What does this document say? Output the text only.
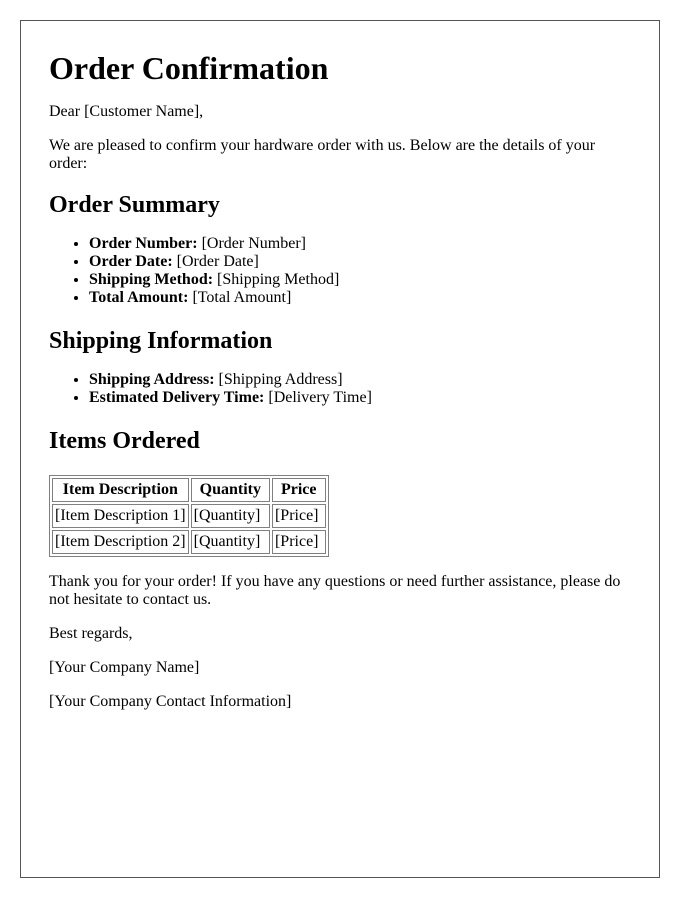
Order Confirmation

Dear [Customer Name],

We are pleased to confirm your hardware order with us. Below are the details of your order:

Order Summary
• Order Number: [Order Number]
• Order Date: [Order Date]
• Shipping Method: [Shipping Method]
• Total Amount: [Total Amount]
Shipping Information
• Shipping Address: [Shipping Address]
• Estimated Delivery Time: [Delivery Time]
Items Ordered
Item Description	Quantity	Price
[Item Description 1]	[Quantity]	[Price]
[Item Description 2]	[Quantity]	[Price]

Thank you for your order! If you have any questions or need further assistance, please do not hesitate to contact us.

Best regards,

[Your Company Name]

[Your Company Contact Information]
